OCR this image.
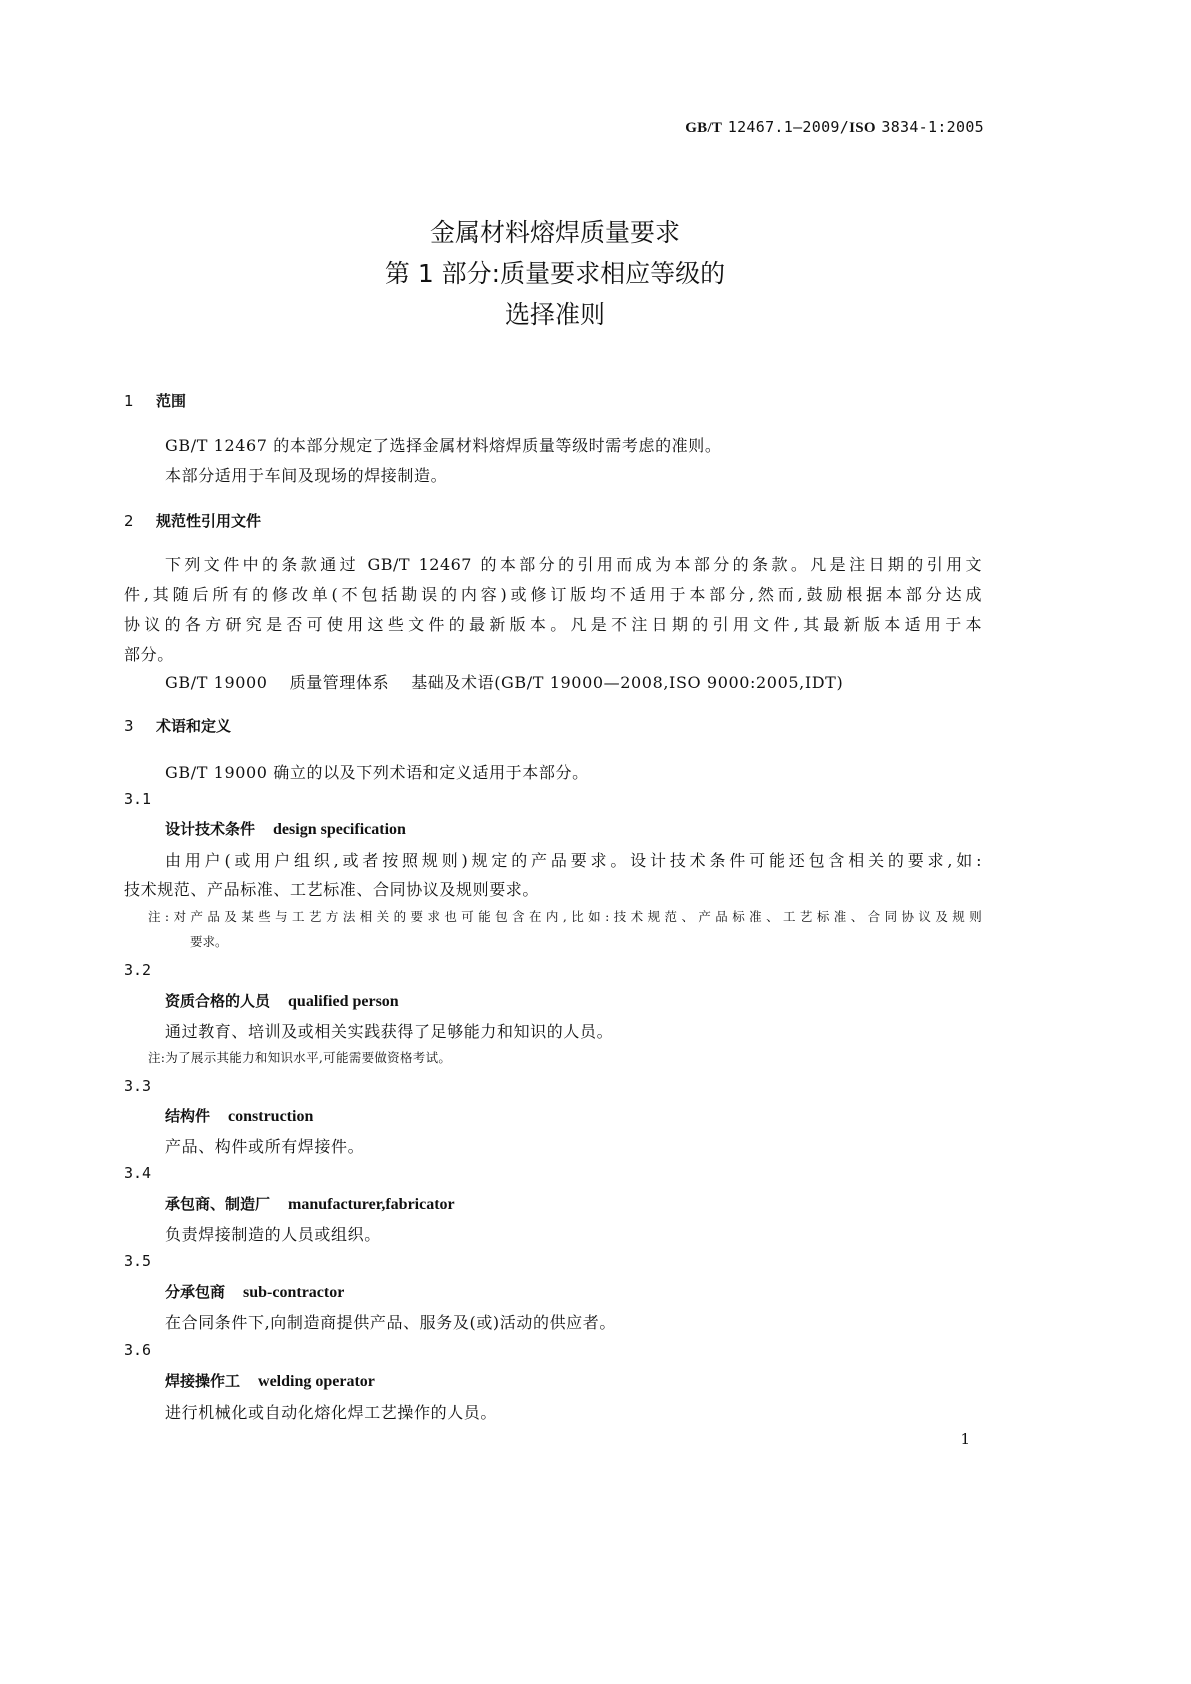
GB/T 12467.1—2009/ISO 3834-1:2005
金属材料熔焊质量要求
第 1 部分:质量要求相应等级的
选择准则
1 范围
GB/T 12467 的本部分规定了选择金属材料熔焊质量等级时需考虑的准则。
本部分适用于车间及现场的焊接制造。
2 规范性引用文件
下列文件中的条款通过 GB/T 12467 的本部分的引用而成为本部分的条款。凡是注日期的引用文
件,其随后所有的修改单(不包括勘误的内容)或修订版均不适用于本部分,然而,鼓励根据本部分达成
协议的各方研究是否可使用这些文件的最新版本。凡是不注日期的引用文件,其最新版本适用于本
部分。
GB/T 19000 质量管理体系 基础及术语(GB/T 19000—2008,ISO 9000:2005,IDT)
3 术语和定义
GB/T 19000 确立的以及下列术语和定义适用于本部分。
3.1
设计技术条件 design specification
由用户(或用户组织,或者按照规则)规定的产品要求。设计技术条件可能还包含相关的要求,如:
技术规范、产品标准、工艺标准、合同协议及规则要求。
注:对产品及某些与工艺方法相关的要求也可能包含在内,比如:技术规范、产品标准、工艺标准、合同协议及规则
要求。
3.2
资质合格的人员 qualified person
通过教育、培训及或相关实践获得了足够能力和知识的人员。
注:为了展示其能力和知识水平,可能需要做资格考试。
3.3
结构件 construction
产品、构件或所有焊接件。
3.4
承包商、制造厂 manufacturer,fabricator
负责焊接制造的人员或组织。
3.5
分承包商 sub-contractor
在合同条件下,向制造商提供产品、服务及(或)活动的供应者。
3.6
焊接操作工 welding operator
进行机械化或自动化熔化焊工艺操作的人员。
1
